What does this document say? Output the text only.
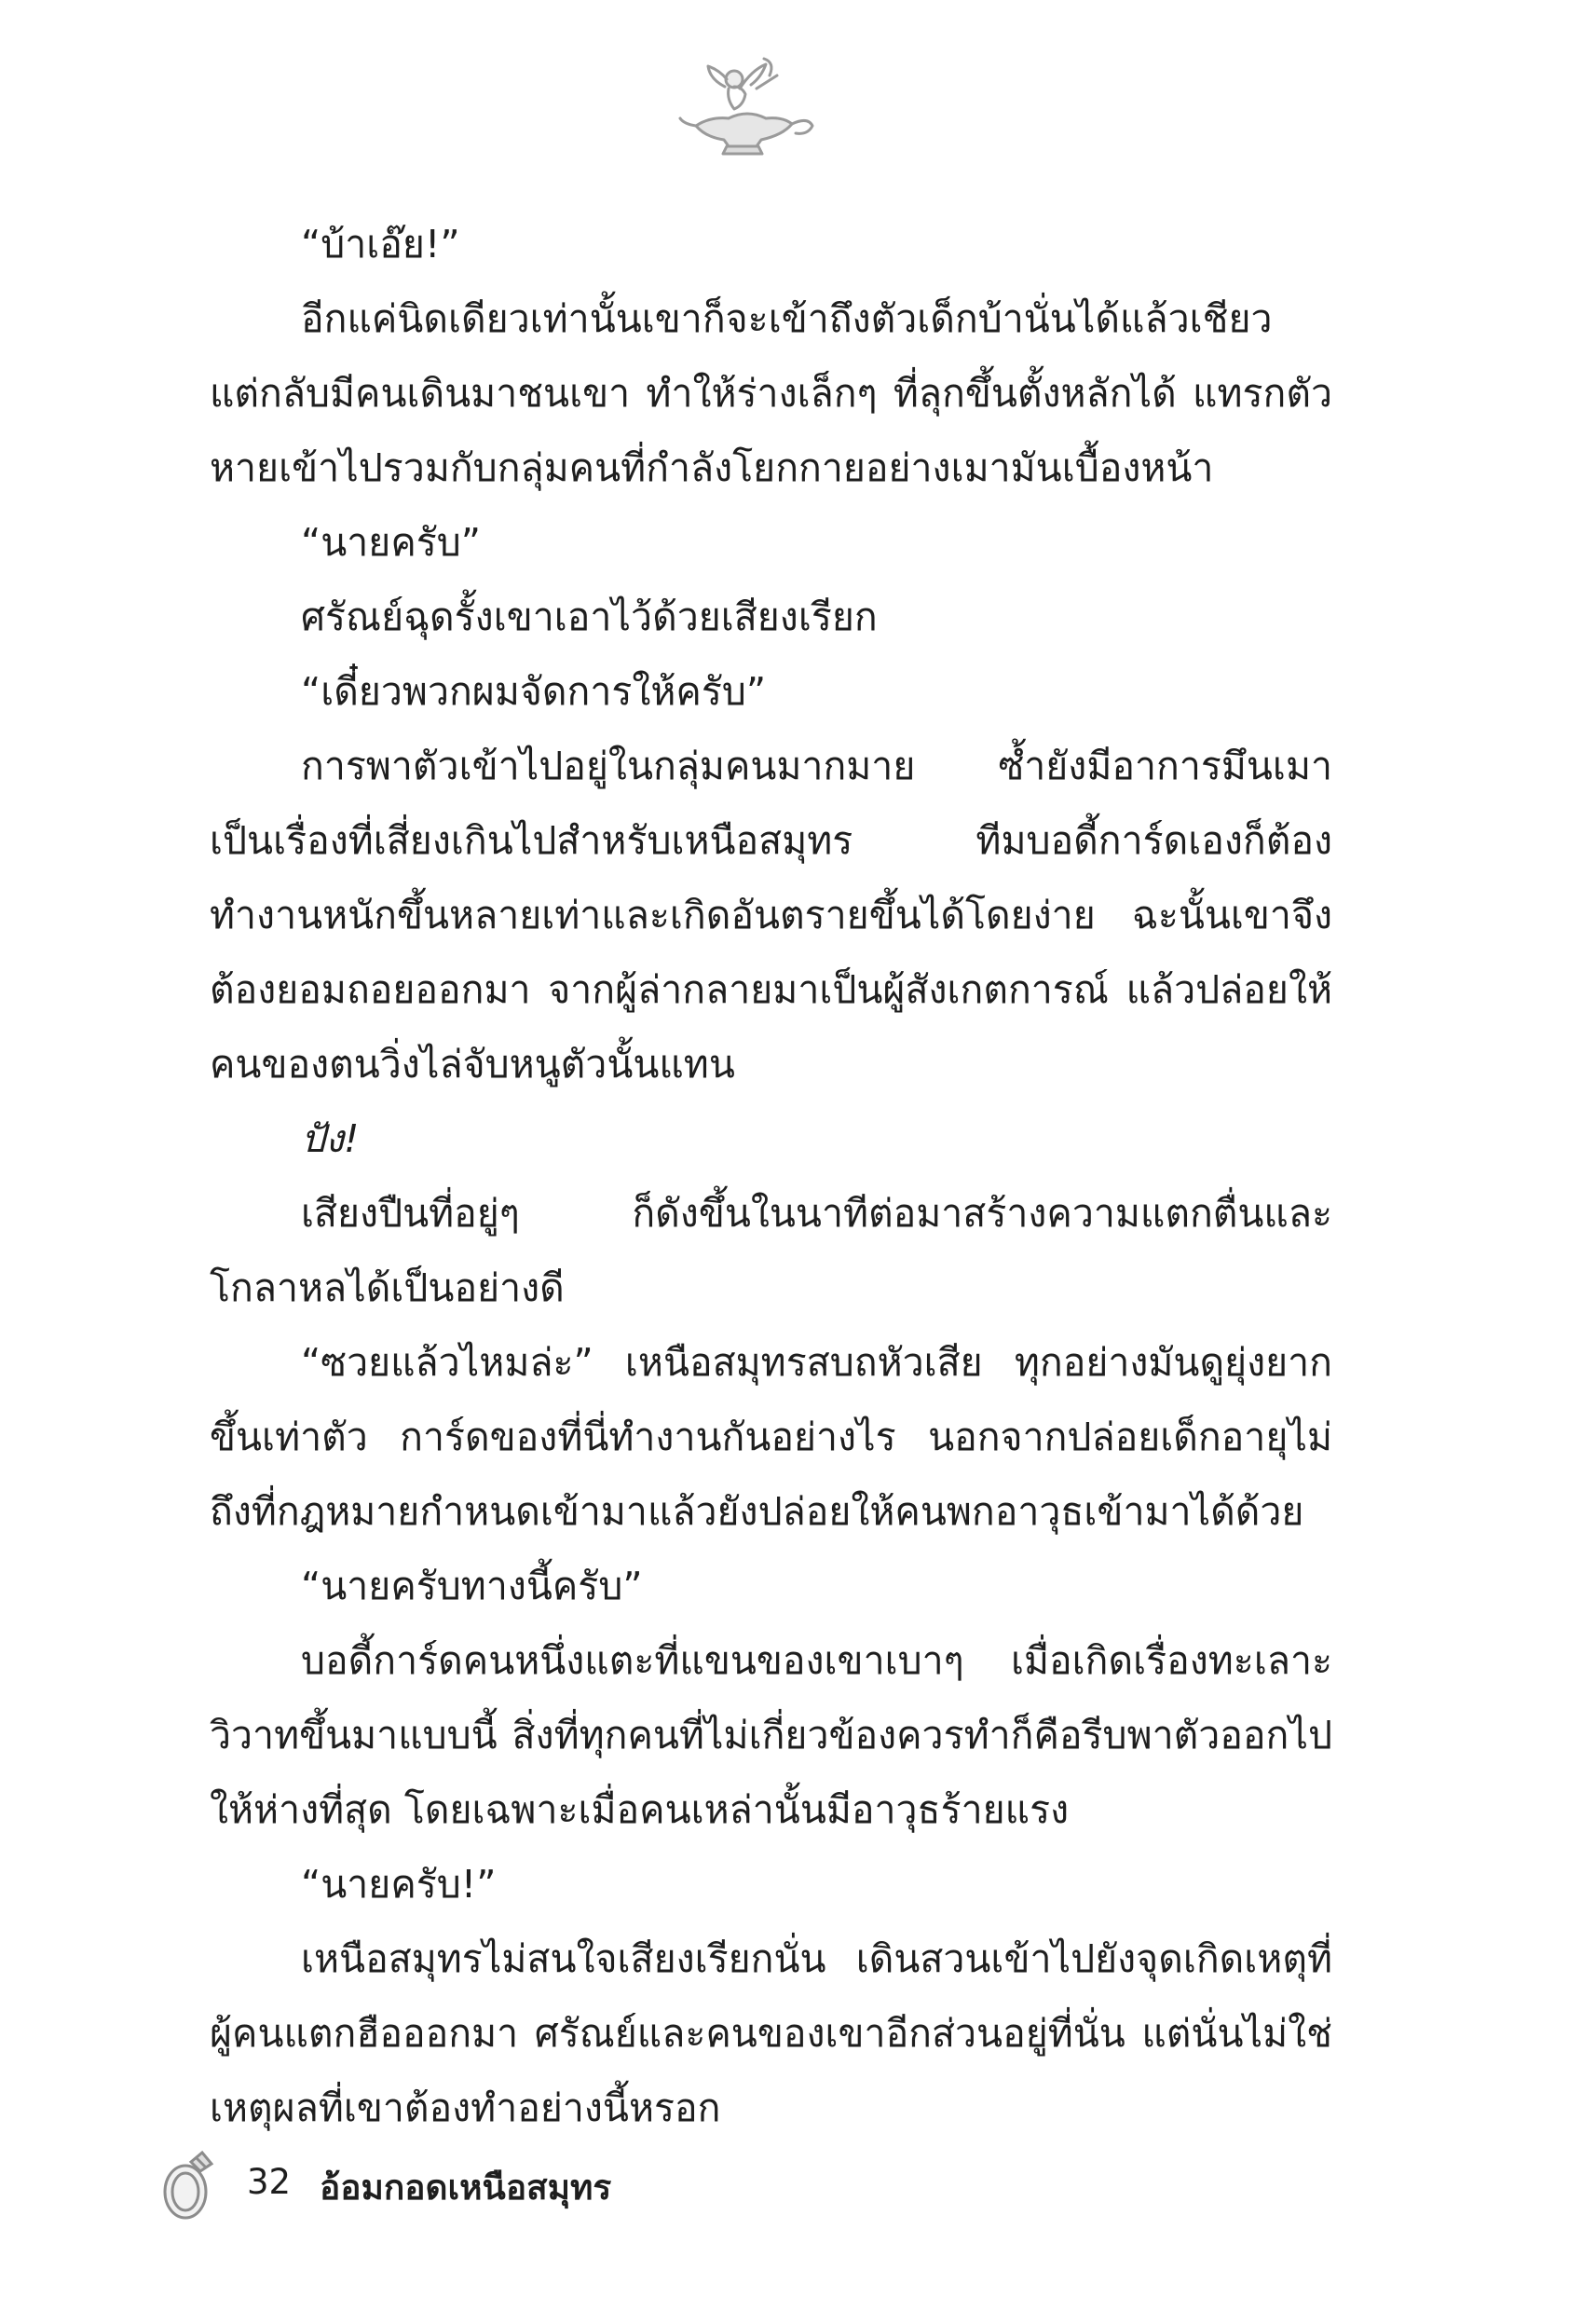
“บ้าเอ๊ย!”

อีกแค่นิดเดียวเท่านั้นเขาก็จะเข้าถึงตัวเด็กบ้านั่นได้แล้วเชียว แต่กลับมีคนเดินมาชนเขา ทำให้ร่างเล็กๆ ที่ลุกขึ้นตั้งหลักได้ แทรกตัวหายเข้าไปรวมกับกลุ่มคนที่กำลังโยกกายอย่างเมามันเบื้องหน้า

“นายครับ”

ศรัณย์ฉุดรั้งเขาเอาไว้ด้วยเสียงเรียก

“เดี๋ยวพวกผมจัดการให้ครับ”

การพาตัวเข้าไปอยู่ในกลุ่มคนมากมาย ซ้ำยังมีอาการมึนเมา เป็นเรื่องที่เสี่ยงเกินไปสำหรับเหนือสมุทร ทีมบอดี้การ์ดเองก็ต้องทำงานหนักขึ้นหลายเท่าและเกิดอันตรายขึ้นได้โดยง่าย ฉะนั้นเขาจึงต้องยอมถอยออกมา จากผู้ล่ากลายมาเป็นผู้สังเกตการณ์ แล้วปล่อยให้คนของตนวิ่งไล่จับหนูตัวนั้นแทน

ปัง!

เสียงปืนที่อยู่ๆ ก็ดังขึ้นในนาทีต่อมาสร้างความแตกตื่นและโกลาหลได้เป็นอย่างดี

“ซวยแล้วไหมล่ะ” เหนือสมุทรสบถหัวเสีย ทุกอย่างมันดูยุ่งยากขึ้นเท่าตัว การ์ดของที่นี่ทำงานกันอย่างไร นอกจากปล่อยเด็กอายุไม่ถึงที่กฎหมายกำหนดเข้ามาแล้วยังปล่อยให้คนพกอาวุธเข้ามาได้ด้วย

“นายครับทางนี้ครับ”

บอดี้การ์ดคนหนึ่งแตะที่แขนของเขาเบาๆ เมื่อเกิดเรื่องทะเลาะวิวาทขึ้นมาแบบนี้ สิ่งที่ทุกคนที่ไม่เกี่ยวข้องควรทำก็คือรีบพาตัวออกไปให้ห่างที่สุด โดยเฉพาะเมื่อคนเหล่านั้นมีอาวุธร้ายแรง

“นายครับ!”

เหนือสมุทรไม่สนใจเสียงเรียกนั่น เดินสวนเข้าไปยังจุดเกิดเหตุที่ผู้คนแตกฮือออกมา ศรัณย์และคนของเขาอีกส่วนอยู่ที่นั่น แต่นั่นไม่ใช่เหตุผลที่เขาต้องทำอย่างนี้หรอก

32 อ้อมกอดเหนือสมุทร
